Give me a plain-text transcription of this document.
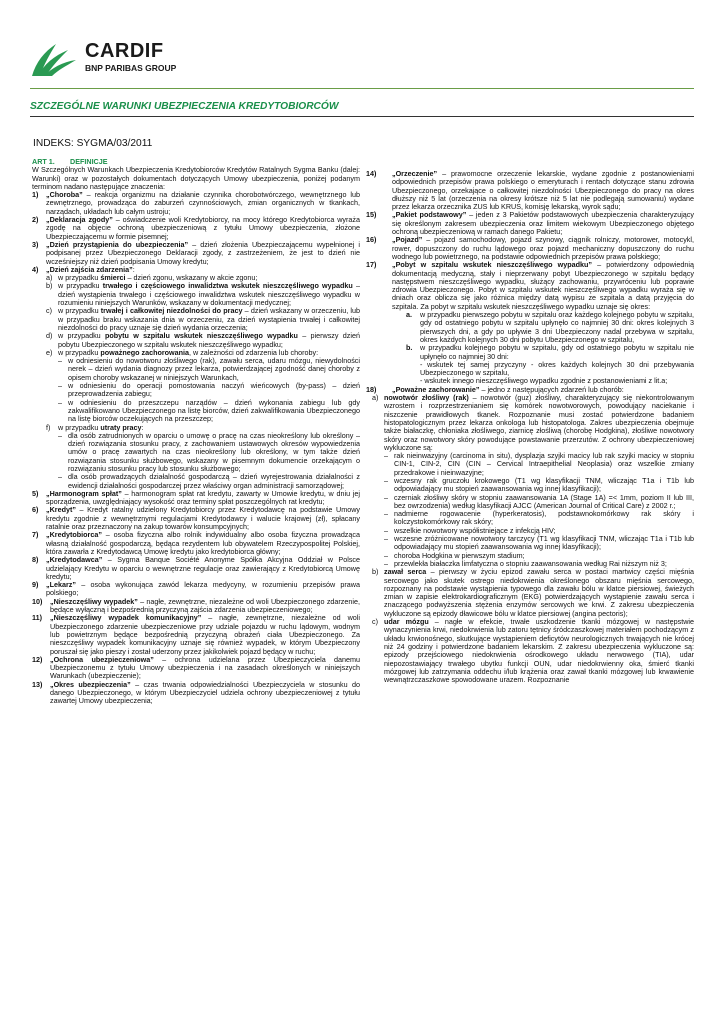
CARDIF
BNP PARIBAS GROUP
SZCZEGÓLNE WARUNKI UBEZPIECZENIA KREDYTOBIORCÓW
INDEKS: SYGMA/03/2011

ART 1. DEFINICJE

W Szczególnych Warunkach Ubezpieczenia Kredytobiorców Kredytów Ratalnych Sygma Banku (dalej: Warunki) oraz w pozostałych dokumentach dotyczących Umowy ubezpieczenia, poniżej podanym terminom nadano następujące znaczenia:

1)	„Choroba” – reakcja organizmu na działanie czynnika chorobotwórczego, wewnętrznego lub zewnętrznego, prowadząca do zaburzeń czynnościowych, zmian organicznych w tkankach, narządach, układach lub całym ustroju;
2)	„Deklaracja zgody” – oświadczenie woli Kredytobiorcy, na mocy którego Kredytobiorca wyraża zgodę na objęcie ochroną ubezpieczeniową z tytułu Umowy ubezpieczenia, złożone Ubezpieczającemu w formie pisemnej;
3)	„Dzień przystąpienia do ubezpieczenia” – dzień złożenia Ubezpieczającemu wypełnionej i podpisanej przez Ubezpieczonego Deklaracji zgody, z zastrzeżeniem, że jest to dzień nie wcześniejszy niż dzień podpisania Umowy kredytu;
4)	„Dzień zajścia zdarzenia”:
a) w przypadku śmierci – dzień zgonu, wskazany w akcie zgonu;
b) w przypadku trwałego i częściowego inwalidztwa wskutek nieszczęśliwego wypadku – dzień wystąpienia trwałego i częściowego inwalidztwa wskutek nieszczęśliwego wypadku w rozumieniu niniejszych Warunków, wskazany w dokumentacji medycznej;
c) w przypadku trwałej i całkowitej niezdolności do pracy – dzień wskazany w orzeczeniu, lub w przypadku braku wskazania dnia w orzeczeniu, za dzień wystąpienia trwałej i całkowitej niezdolności do pracy uznaje się dzień wydania orzeczenia;
d) w przypadku pobytu w szpitalu wskutek nieszczęśliwego wypadku – pierwszy dzień pobytu Ubezpieczonego w szpitalu wskutek nieszczęśliwego wypadku;
e) w przypadku poważnego zachorowania, w zależności od zdarzenia lub choroby:
– w odniesieniu do nowotworu złośliwego (rak), zawału serca, udaru mózgu, niewydolności nerek – dzień wydania diagnozy przez lekarza, potwierdzającej zgodność danej choroby z opisem choroby wskazanej w niniejszych Warunkach,
– w odniesieniu do operacji pomostowania naczyń wieńcowych (by-pass) – dzień przeprowadzenia zabiegu;
– w odniesieniu do przeszczepu narządów – dzień wykonania zabiegu lub gdy zakwalifikowano Ubezpieczonego na listę biorców, dzień zakwalifikowania Ubezpieczonego na listę biorców oczekujących na przeszczep;
f)	w przypadku utraty pracy:
– dla osób zatrudnionych w oparciu o umowę o pracę na czas nieokreślony lub określony – dzień rozwiązania stosunku pracy, z zachowaniem ustawowych okresów wypowiedzenia umów o pracę zawartych na czas nieokreślony lub określony, w tym także dzień rozwiązania stosunku służbowego, wskazany w pisemnym dokumencie orzekającym o rozwiązaniu stosunku pracy lub stosunku służbowego;
– dla osób prowadzących działalność gospodarczą – dzień wyrejestrowania działalności z ewidencji działalności gospodarczej przez właściwy organ administracji samorządowej;
5)	„Harmonogram spłat” – harmonogram spłat rat kredytu, zawarty w Umowie kredytu, w dniu jej sporządzenia, uwzględniający wysokość oraz terminy spłat poszczególnych rat kredytu;
6)	„Kredyt” – Kredyt ratalny udzielony Kredytobiorcy przez Kredytodawcę na podstawie Umowy kredytu zgodnie z wewnętrznymi regulacjami Kredytodawcy i walucie krajowej (zł), spłacany ratalnie oraz przeznaczony na zakup towarów konsumpcyjnych;
7)	„Kredytobiorca” – osoba fizyczna albo rolnik indywidualny albo osoba fizyczna prowadząca własną działalność gospodarczą, będąca rezydentem lub obywatelem Rzeczypospolitej Polskiej, która zawarła z Kredytodawcą Umowę kredytu jako kredytobiorca główny;
8)	„Kredytodawca” – Sygma Banque Société Anonyme Spółka Akcyjna Oddział w Polsce udzielający Kredytu w oparciu o wewnętrzne regulacje oraz zawierający z Kredytobiorcą Umowę kredytu;
9)	„Lekarz” – osoba wykonująca zawód lekarza medycyny, w rozumieniu przepisów prawa polskiego;
10)	„Nieszczęśliwy wypadek” – nagłe, zewnętrzne, niezależne od woli Ubezpieczonego zdarzenie, będące wyłączną i bezpośrednią przyczyną zajścia zdarzenia ubezpieczeniowego;
11)	„Nieszczęśliwy wypadek komunikacyjny” – nagłe, zewnętrzne, niezależne od woli Ubezpieczonego zdarzenie ubezpieczeniowe przy udziale pojazdu w ruchu lądowym, wodnym lub powietrznym będące bezpośrednią przyczyną obrażeń ciała Ubezpieczonego. Za nieszczęśliwy wypadek komunikacyjny uznaje się również wypadek, w którym Ubezpieczony poruszał się jako pieszy i został uderzony przez jakikolwiek pojazd będący w ruchu;
12)	„Ochrona ubezpieczeniowa” – ochrona udzielana przez Ubezpieczyciela danemu Ubezpieczonemu z tytułu Umowy ubezpieczenia i na zasadach określonych w niniejszych Warunkach (ubezpieczenie);
13)	„Okres ubezpieczenia” – czas trwania odpowiedzialności Ubezpieczyciela w stosunku do danego Ubezpieczonego, w którym Ubezpieczyciel udziela ochrony ubezpieczeniowej z tytułu zawartej Umowy ubezpieczenia;
14)	„Orzeczenie” – prawomocne orzeczenie lekarskie, wydane zgodnie z postanowieniami odpowiednich przepisów prawa polskiego o emeryturach i rentach dotyczące stanu zdrowia Ubezpieczonego, orzekające o całkowitej niezdolności Ubezpieczonego do pracy na okres dłuższy niż 5 lat (orzeczenia na okresy krótsze niż 5 lat nie podlegają sumowaniu) wydane przez lekarza orzecznika ZUS lub KRUS, komisję lekarską, wyrok sądu;
15)	„Pakiet podstawowy” – jeden z 3 Pakietów podstawowych ubezpieczenia charakteryzujący się określonym zakresem ubezpieczenia oraz limitem wiekowym Ubezpieczonego objętego ochroną ubezpieczeniową w ramach danego Pakietu;
16)	„Pojazd” – pojazd samochodowy, pojazd szynowy, ciągnik rolniczy, motorower, motocykl, rower, dopuszczony do ruchu lądowego oraz pojazd mechaniczny dopuszczony do ruchu wodnego lub powietrznego, na podstawie odpowiednich przepisów prawa polskiego;
17)	„Pobyt w szpitalu wskutek nieszczęśliwego wypadku” – potwierdzony odpowiednią dokumentacją medyczną, stały i nieprzerwany pobyt Ubezpieczonego w szpitalu będący następstwem nieszczęśliwego wypadku, służący zachowaniu, przywróceniu lub poprawie zdrowia Ubezpieczonego. Pobyt w szpitalu wskutek nieszczęśliwego wypadku wyraża się w dniach oraz oblicza się jako różnica między datą wypisu ze szpitala a datą przyjęcia do szpitala. Za pobyt w szpitalu wskutek nieszczęśliwego wypadku uznaje się okres:
a.	w przypadku pierwszego pobytu w szpitalu oraz każdego kolejnego pobytu w szpitalu, gdy od ostatniego pobytu w szpitalu upłynęło co najmniej 30 dni: okres kolejnych 3 pierwszych dni, a gdy po upływie 3 dni Ubezpieczony nadal przebywa w szpitalu, okres każdych kolejnych 30 dni pobytu Ubezpieczonego w szpitalu,
b.	w przypadku kolejnego pobytu w szpitalu, gdy od ostatniego pobytu w szpitalu nie upłynęło co najmniej 30 dni:
- wskutek tej samej przyczyny - okres każdych kolejnych 30 dni przebywania Ubezpieczonego w szpitalu,
- wskutek innego nieszczęśliwego wypadku zgodnie z postanowieniami z lit.a;
18)	„Poważne zachorowanie” – jedno z następujących zdarzeń lub chorób:
a) nowotwór złośliwy (rak) – nowotwór (guz) złośliwy, charakteryzujący się niekontrolowanym wzrostem i rozprzestrzenianiem się komórek nowotworowych, powodujący naciekanie i niszczenie prawidłowych tkanek. Rozpoznanie musi zostać potwierdzone badaniem histopatologicznym przez lekarza onkologa lub histopatologa. Zakres ubezpieczenia obejmuje także białaczkę, chłoniaka złośliwego, ziarnicę złośliwą (chorobę Hodgkina), złośliwe nowotwory skóry oraz nowotwory skóry powodujące powstawanie przerzutów. Z ochrony ubezpieczeniowej wykluczone są:
– rak nieinwazyjny (carcinoma in situ), dysplazja szyjki macicy lub rak szyjki macicy w stopniu CIN-1, CIN-2, CIN (CIN – Cervical Intraepithelial Neoplasia) oraz wszelkie zmiany przedrakowe i nieinwazyjne;
– wczesny rak gruczołu krokowego (T1 wg klasyfikacji TNM, wliczając T1a i T1b lub odpowiadający mu stopień zaawansowania wg innej klasyfikacji);
– czerniak złośliwy skóry w stopniu zaawansowania 1A (Stage 1A) =< 1mm, poziom II lub III, bez owrzodzenia) według klasyfikacji AJCC (American Journal of Critical Care) z 2002 r.;
– nadmierne rogowacenie (hyperkeratosis), podstawnokomórkowy rak skóry i kolczystokomórkowy rak skóry;
– wszelkie nowotwory współistniejące z infekcją HIV;
– wczesne zróżnicowane nowotwory tarczycy (T1 wg klasyfikacji TNM, wliczając T1a i T1b lub odpowiadający mu stopień zaawansowania wg innej klasyfikacji);
– choroba Hodgkina w pierwszym stadium;
– przewlekła białaczka limfatyczna o stopniu zaawansowania według Rai niższym niż 3;
b) zawał serca – pierwszy w życiu epizod zawału serca w postaci martwicy części mięśnia sercowego jako skutek ostrego niedokrwienia określonego obszaru mięśnia sercowego, rozpoznany na podstawie wystąpienia typowego dla zawału bólu w klatce piersiowej, świeżych zmian w zapisie elektrokardiograficznym (EKG) potwierdzających wystąpienie zawału serca i znaczącego podwyższenia stężenia enzymów sercowych we krwi. Z zakresu ubezpieczenia wykluczone są epizody dławicowe bólu w klatce piersiowej (angina pectoris);
c) udar mózgu – nagłe w efekcie, trwałe uszkodzenie tkanki mózgowej w następstwie wynaczynienia krwi, niedokrwienia lub zatoru tętnicy śródczaszkowej materiałem pochodzącym z układu krwionośnego, skutkujące wystąpieniem deficytów neurologicznych trwających nie krócej niż 24 godziny i potwierdzone badaniem lekarskim. Z zakresu ubezpieczenia wykluczone są: epizody przejściowego niedokrwienia ośrodkowego układu nerwowego (TIA), udar niepozostawiający trwałego ubytku funkcji OUN, udar niedokrwienny oka, śmierć tkanki mózgowej lub zatrzymania oddechu i/lub krążenia oraz zawał tkanki mózgowej lub krwawienie wewnątrzczaszkowe spowodowane urazem. Rozpoznanie
